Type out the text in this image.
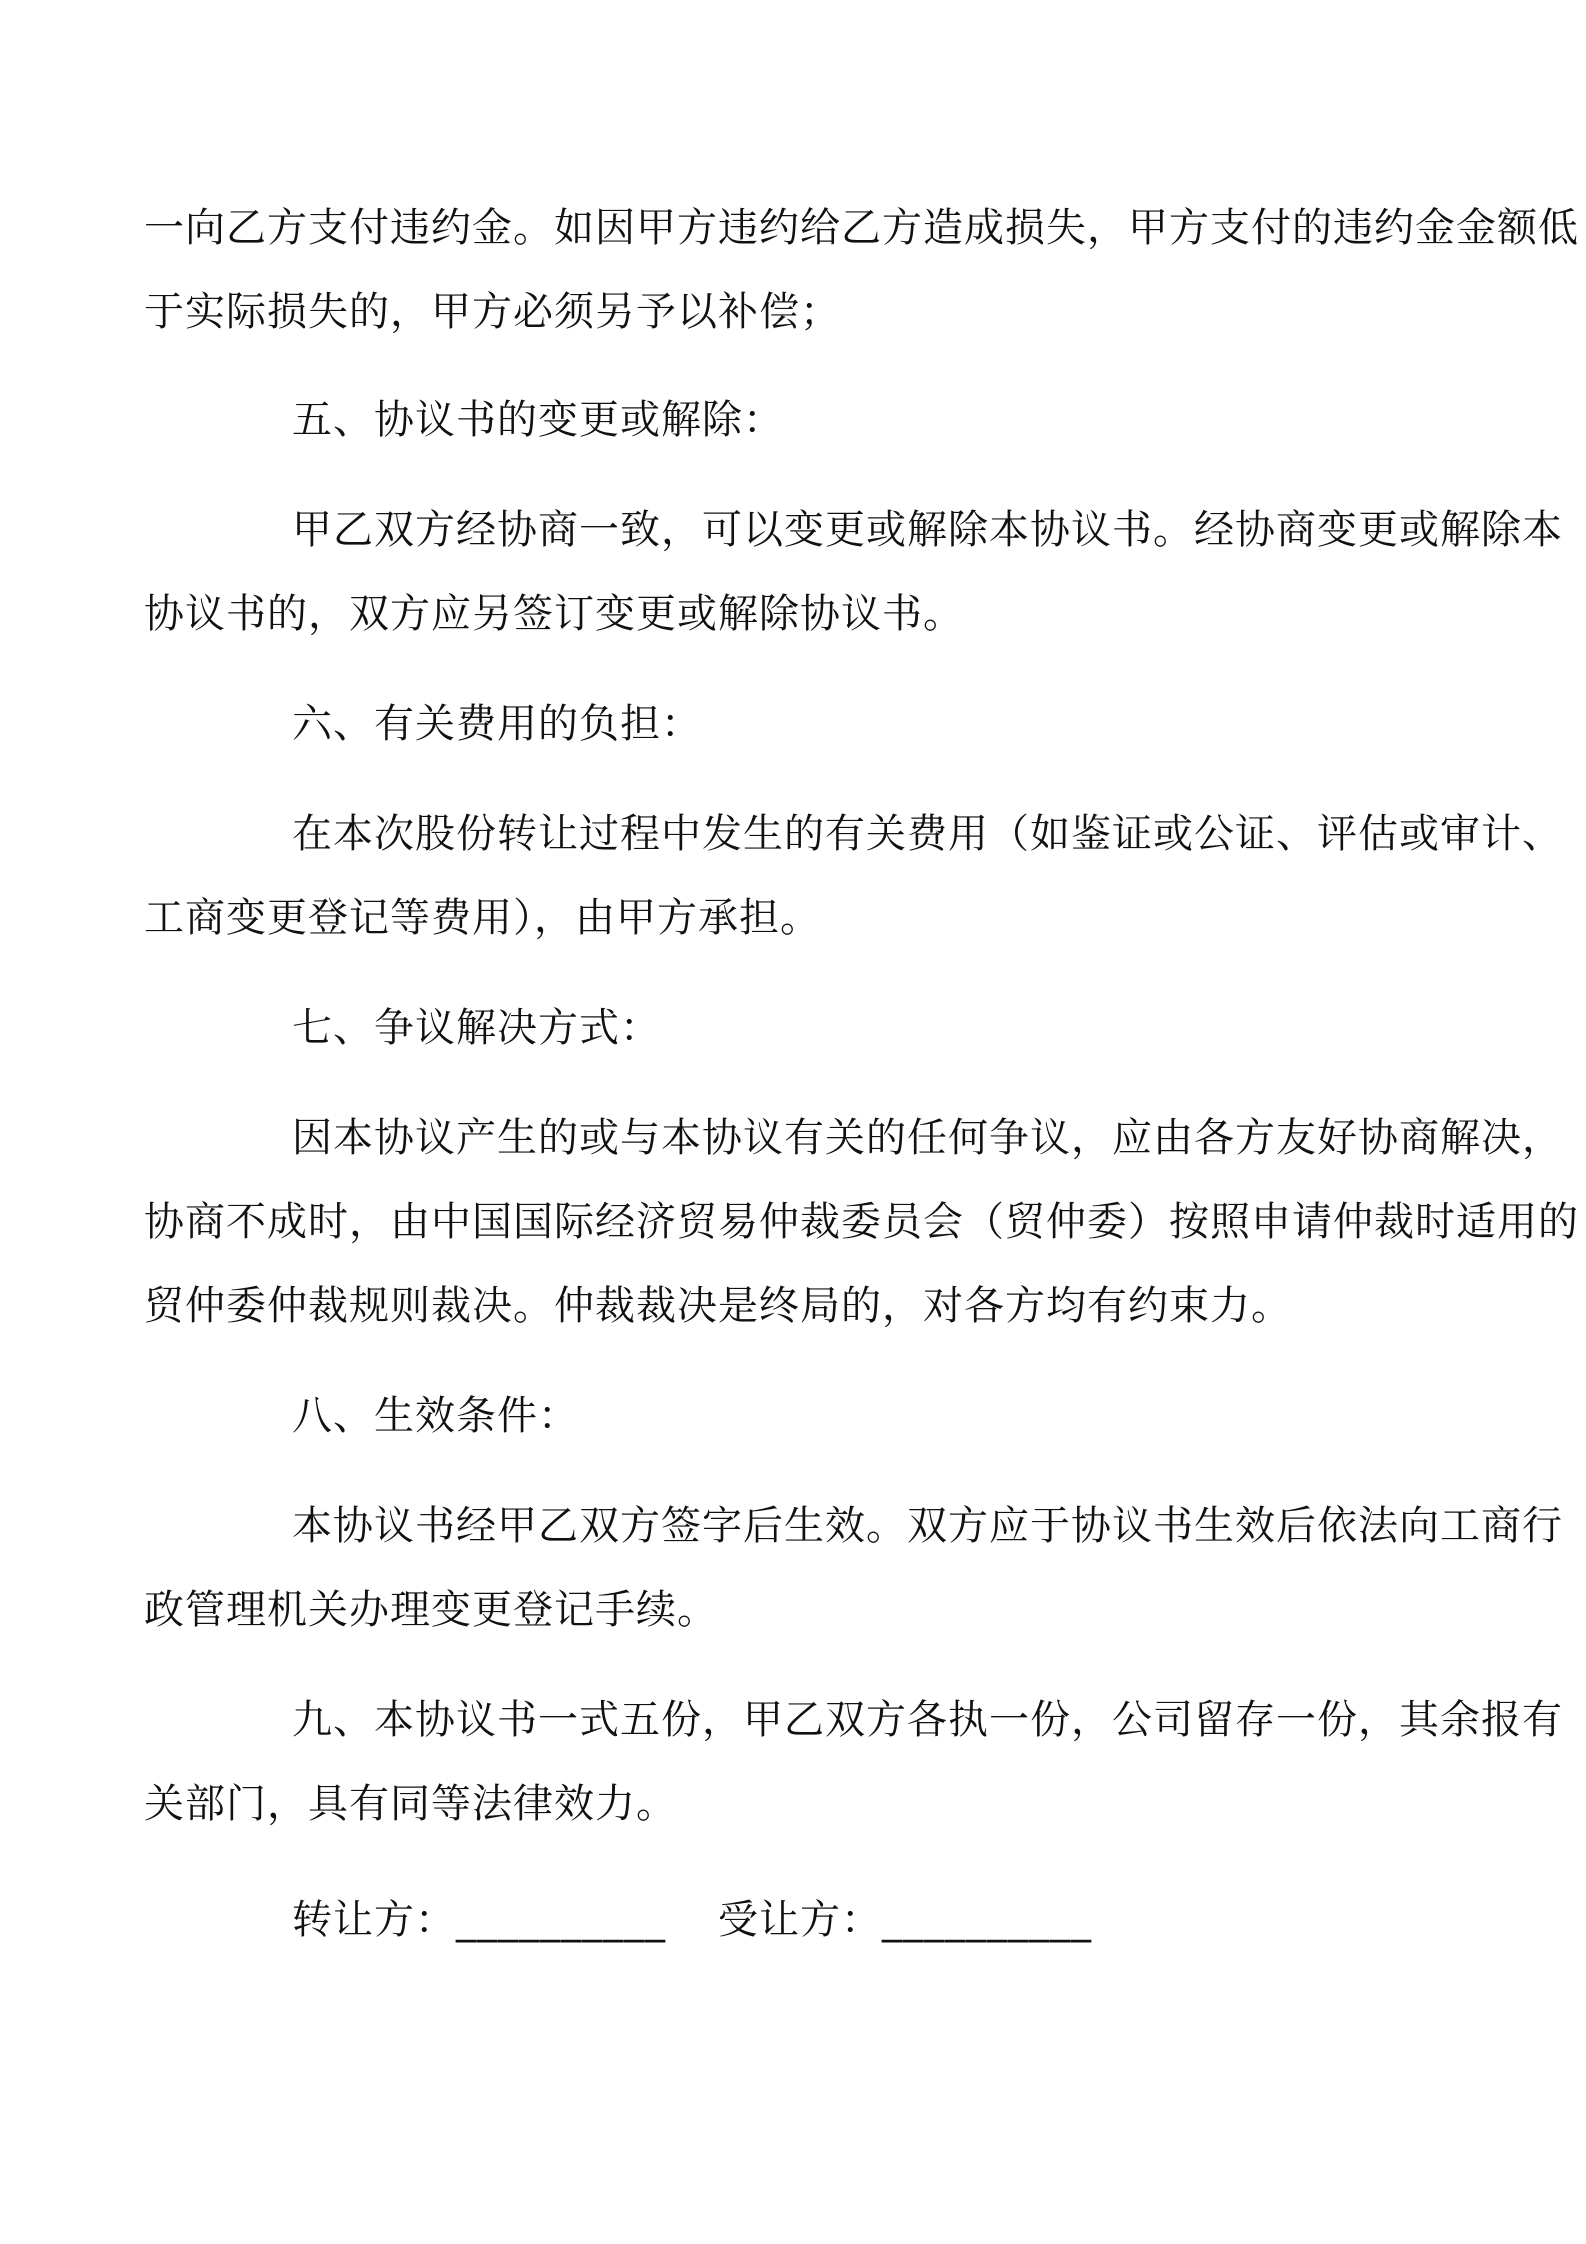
一向乙方支付违约金。如因甲方违约给乙方造成损失，甲方支付的违约金金额低

于实际损失的，甲方必须另予以补偿；

五、协议书的变更或解除：

甲乙双方经协商一致，可以变更或解除本协议书。经协商变更或解除本

协议书的，双方应另签订变更或解除协议书。

六、有关费用的负担：

在本次股份转让过程中发生的有关费用（如鉴证或公证、评估或审计、

工商变更登记等费用），由甲方承担。

七、争议解决方式：

因本协议产生的或与本协议有关的任何争议，应由各方友好协商解决，

协商不成时，由中国国际经济贸易仲裁委员会（贸仲委）按照申请仲裁时适用的

贸仲委仲裁规则裁决。仲裁裁决是终局的，对各方均有约束力。

八、生效条件：

本协议书经甲乙双方签字后生效。双方应于协议书生效后依法向工商行

政管理机关办理变更登记手续。

九、本协议书一式五份，甲乙双方各执一份，公司留存一份，其余报有

关部门，具有同等法律效力。

转让方：__________ 受让方：__________
